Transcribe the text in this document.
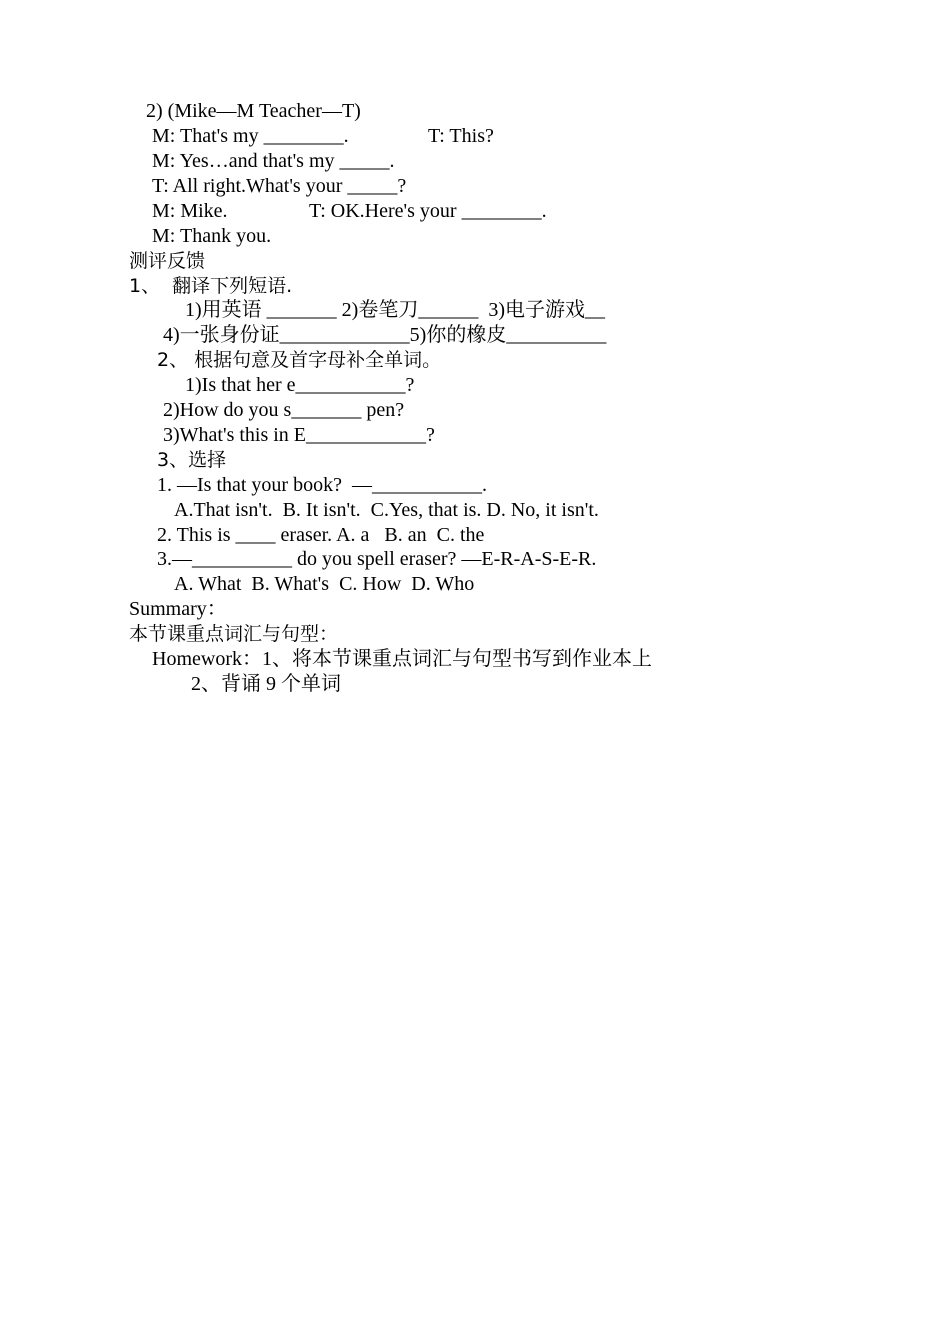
2) (Mike—M Teacher—T)
M: That's my ________.	T: This?
M: Yes…and that's my _____.
T: All right.What's your _____?
M: Mike.	T: OK.Here's your ________.
M: Thank you.
测评反馈
1、  翻译下列短语.
1)用英语 _______ 2)卷笔刀______  3)电子游戏__
4)一张身份证_____________5)你的橡皮__________
2、 根据句意及首字母补全单词。
1)Is that her e___________?
2)How do you s_______ pen?
3)What's this in E____________?
3、选择
1. —Is that your book?  —___________.
A.That isn't.  B. It isn't.  C.Yes, that is. D. No, it isn't.
2. This is ____ eraser. A. a   B. an  C. the
3.—__________ do you spell eraser? —E-R-A-S-E-R.
A. What  B. What's  C. How  D. Who
Summary：
本节课重点词汇与句型：
Homework：1、将本节课重点词汇与句型书写到作业本上
2、背诵 9 个单词
